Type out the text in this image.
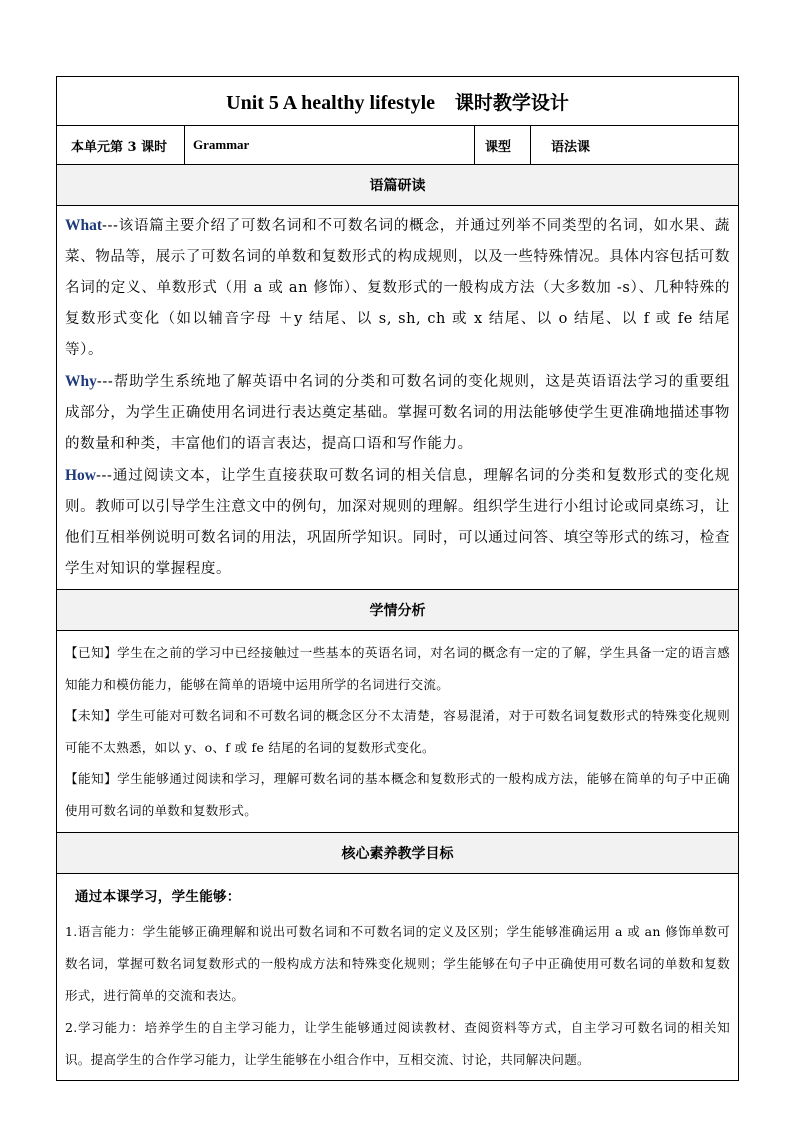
Unit 5 A healthy lifestyle 课时教学设计
本单元第 3 课时	Grammar	课型	语法课
语篇研读

What---该语篇主要介绍了可数名词和不可数名词的概念，并通过列举不同类型的名词，如水果、蔬菜、物品等，展示了可数名词的单数和复数形式的构成规则，以及一些特殊情况。具体内容包括可数名词的定义、单数形式（用 a 或 an 修饰）、复数形式的一般构成方法（大多数加 -s）、几种特殊的复数形式变化（如以辅音字母 ＋y 结尾、以 s, sh, ch 或 x 结尾、以 o 结尾、以 f 或 fe 结尾等）。

Why---帮助学生系统地了解英语中名词的分类和可数名词的变化规则，这是英语语法学习的重要组成部分，为学生正确使用名词进行表达奠定基础。掌握可数名词的用法能够使学生更准确地描述事物的数量和种类，丰富他们的语言表达，提高口语和写作能力。

How---通过阅读文本，让学生直接获取可数名词的相关信息，理解名词的分类和复数形式的变化规则。教师可以引导学生注意文中的例句，加深对规则的理解。组织学生进行小组讨论或同桌练习，让他们互相举例说明可数名词的用法，巩固所学知识。同时，可以通过问答、填空等形式的练习，检查学生对知识的掌握程度。

学情分析

【已知】学生在之前的学习中已经接触过一些基本的英语名词，对名词的概念有一定的了解，学生具备一定的语言感知能力和模仿能力，能够在简单的语境中运用所学的名词进行交流。

【未知】学生可能对可数名词和不可数名词的概念区分不太清楚，容易混淆，对于可数名词复数形式的特殊变化规则可能不太熟悉，如以 y、o、f 或 fe 结尾的名词的复数形式变化。

【能知】学生能够通过阅读和学习，理解可数名词的基本概念和复数形式的一般构成方法，能够在简单的句子中正确使用可数名词的单数和复数形式。

核心素养教学目标

通过本课学习，学生能够：

1.语言能力：学生能够正确理解和说出可数名词和不可数名词的定义及区别；学生能够准确运用 a 或 an 修饰单数可数名词，掌握可数名词复数形式的一般构成方法和特殊变化规则；学生能够在句子中正确使用可数名词的单数和复数形式，进行简单的交流和表达。

2.学习能力：培养学生的自主学习能力，让学生能够通过阅读教材、查阅资料等方式，自主学习可数名词的相关知识。提高学生的合作学习能力，让学生能够在小组合作中，互相交流、讨论，共同解决问题。
